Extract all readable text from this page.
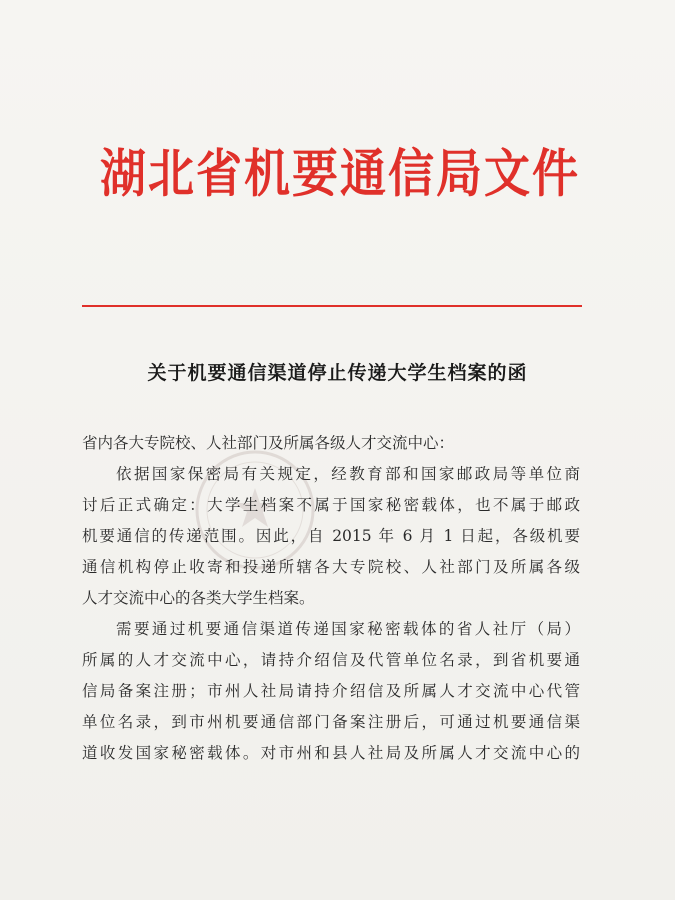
湖北省机要通信局文件
关于机要通信渠道停止传递大学生档案的函
省内各大专院校、人社部门及所属各级人才交流中心：
依据国家保密局有关规定，经教育部和国家邮政局等单位商
讨后正式确定：大学生档案不属于国家秘密载体，也不属于邮政
机要通信的传递范围。因此，自 2015 年 6 月 1 日起，各级机要
通信机构停止收寄和投递所辖各大专院校、人社部门及所属各级
人才交流中心的各类大学生档案。
需要通过机要通信渠道传递国家秘密载体的省人社厅（局）
所属的人才交流中心，请持介绍信及代管单位名录，到省机要通
信局备案注册；市州人社局请持介绍信及所属人才交流中心代管
单位名录，到市州机要通信部门备案注册后，可通过机要通信渠
道收发国家秘密载体。对市州和县人社局及所属人才交流中心的
